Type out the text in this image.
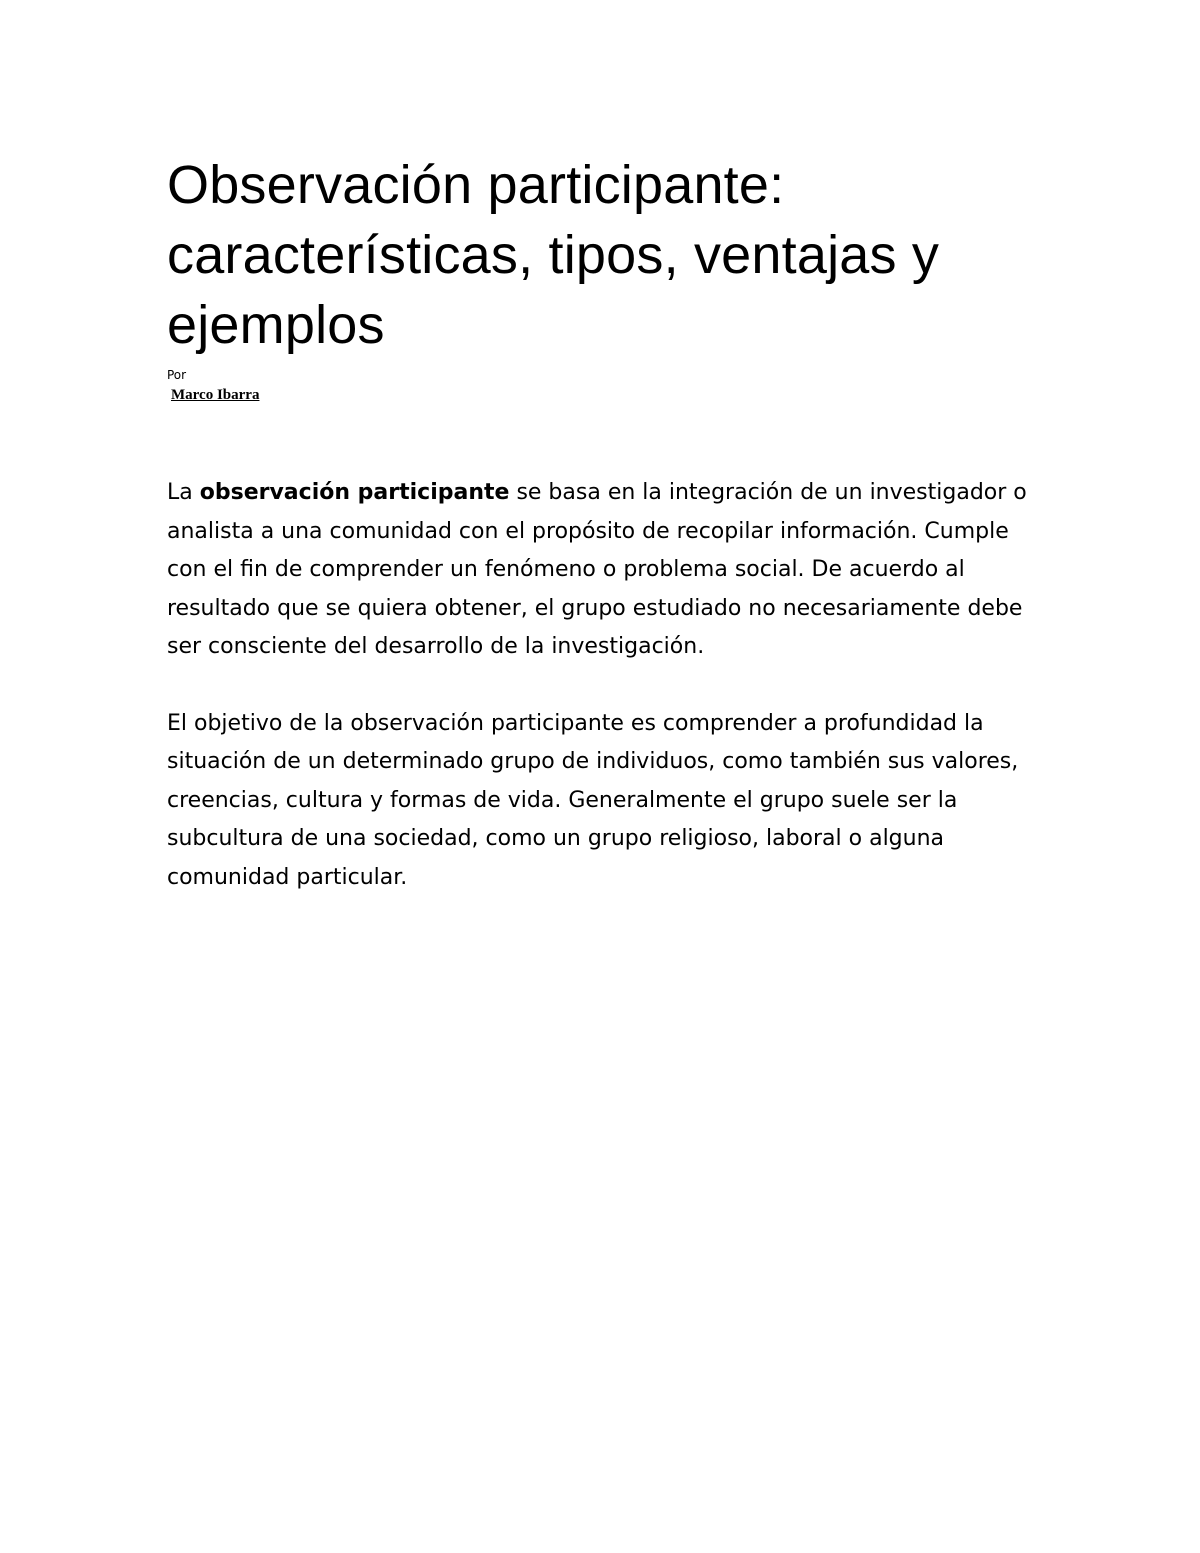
Observación participante: características, tipos, ventajas y ejemplos
Por
Marco Ibarra

La observación participante se basa en la integración de un investigador o analista a una comunidad con el propósito de recopilar información. Cumple con el fin de comprender un fenómeno o problema social. De acuerdo al resultado que se quiera obtener, el grupo estudiado no necesariamente debe ser consciente del desarrollo de la investigación.

El objetivo de la observación participante es comprender a profundidad la situación de un determinado grupo de individuos, como también sus valores, creencias, cultura y formas de vida. Generalmente el grupo suele ser la subcultura de una sociedad, como un grupo religioso, laboral o alguna comunidad particular.
